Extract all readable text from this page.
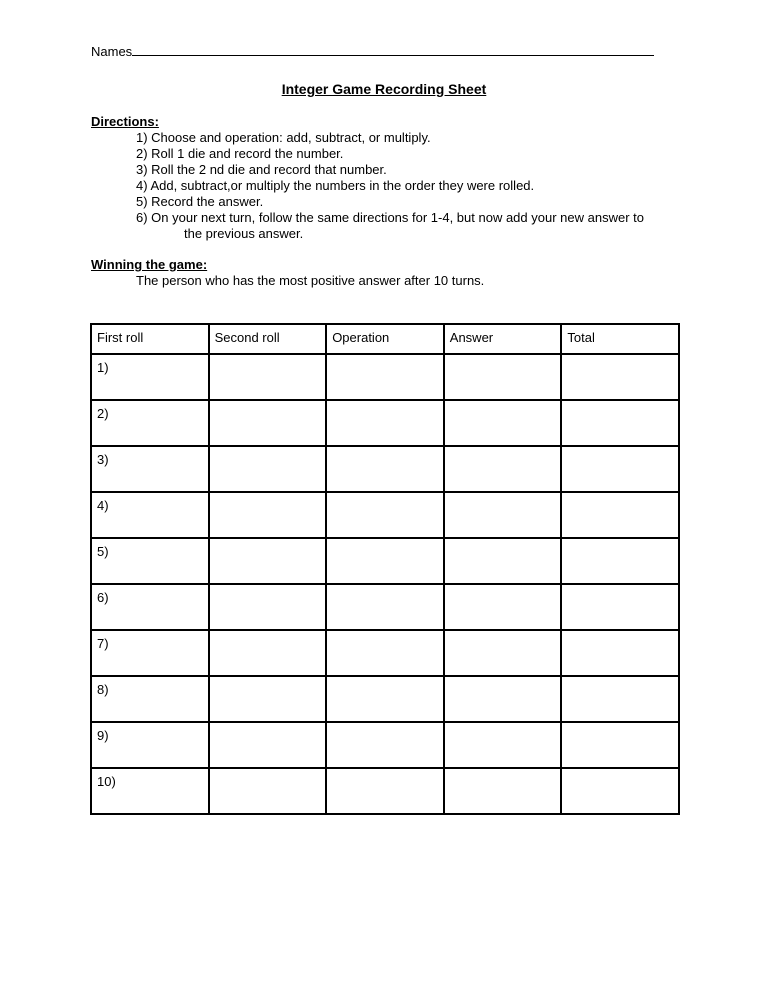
Names
Integer Game Recording Sheet
Directions:
1) Choose and operation: add, subtract, or multiply.
2) Roll 1 die and record the number.
3) Roll the 2 nd die and record that number.
4) Add, subtract,or multiply the numbers in the order they were rolled.
5) Record the answer.
6) On your next turn, follow the same directions for 1-4, but now add your new answer to
the previous answer.
Winning the game:
The person who has the most positive answer after 10 turns.
First roll	Second roll	Operation	Answer	Total
1)				
2)				
3)				
4)				
5)				
6)				
7)				
8)				
9)				
10)				
